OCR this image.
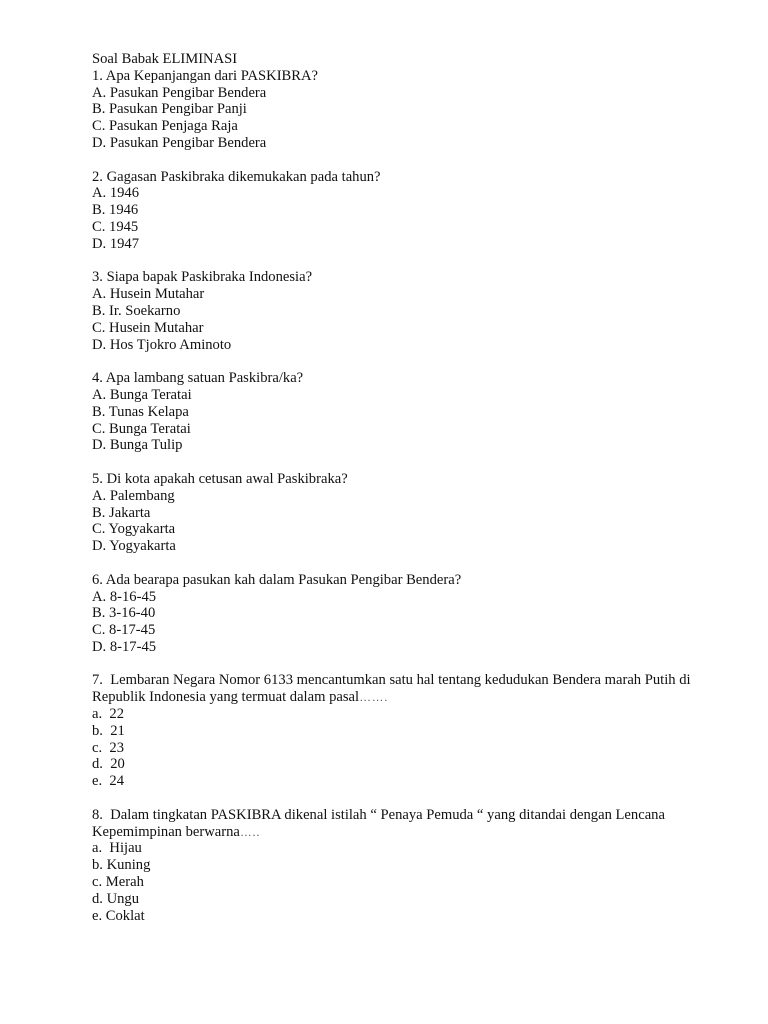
Soal Babak ELIMINASI
1. Apa Kepanjangan dari PASKIBRA?
A. Pasukan Pengibar Bendera
B. Pasukan Pengibar Panji
C. Pasukan Penjaga Raja
D. Pasukan Pengibar Bendera
2. Gagasan Paskibraka dikemukakan pada tahun?
A. 1946
B. 1946
C. 1945
D. 1947
3. Siapa bapak Paskibraka Indonesia?
A. Husein Mutahar
B. Ir. Soekarno
C. Husein Mutahar
D. Hos Tjokro Aminoto
4. Apa lambang satuan Paskibra/ka?
A. Bunga Teratai
B. Tunas Kelapa
C. Bunga Teratai
D. Bunga Tulip
5. Di kota apakah cetusan awal Paskibraka?
A. Palembang
B. Jakarta
C. Yogyakarta
D. Yogyakarta
6. Ada bearapa pasukan kah dalam Pasukan Pengibar Bendera?
A. 8-16-45
B. 3-16-40
C. 8-17-45
D. 8-17-45
7.  Lembaran Negara Nomor 6133 mencantumkan satu hal tentang kedudukan Bendera marah Putih di Republik Indonesia yang termuat dalam pasal…….
a.  22
b.  21
c.  23
d.  20
e.  24
8.  Dalam tingkatan PASKIBRA dikenal istilah “ Penaya Pemuda “ yang ditandai dengan Lencana Kepemimpinan berwarna…..
a.  Hijau
b. Kuning
c. Merah
d. Ungu
e. Coklat
